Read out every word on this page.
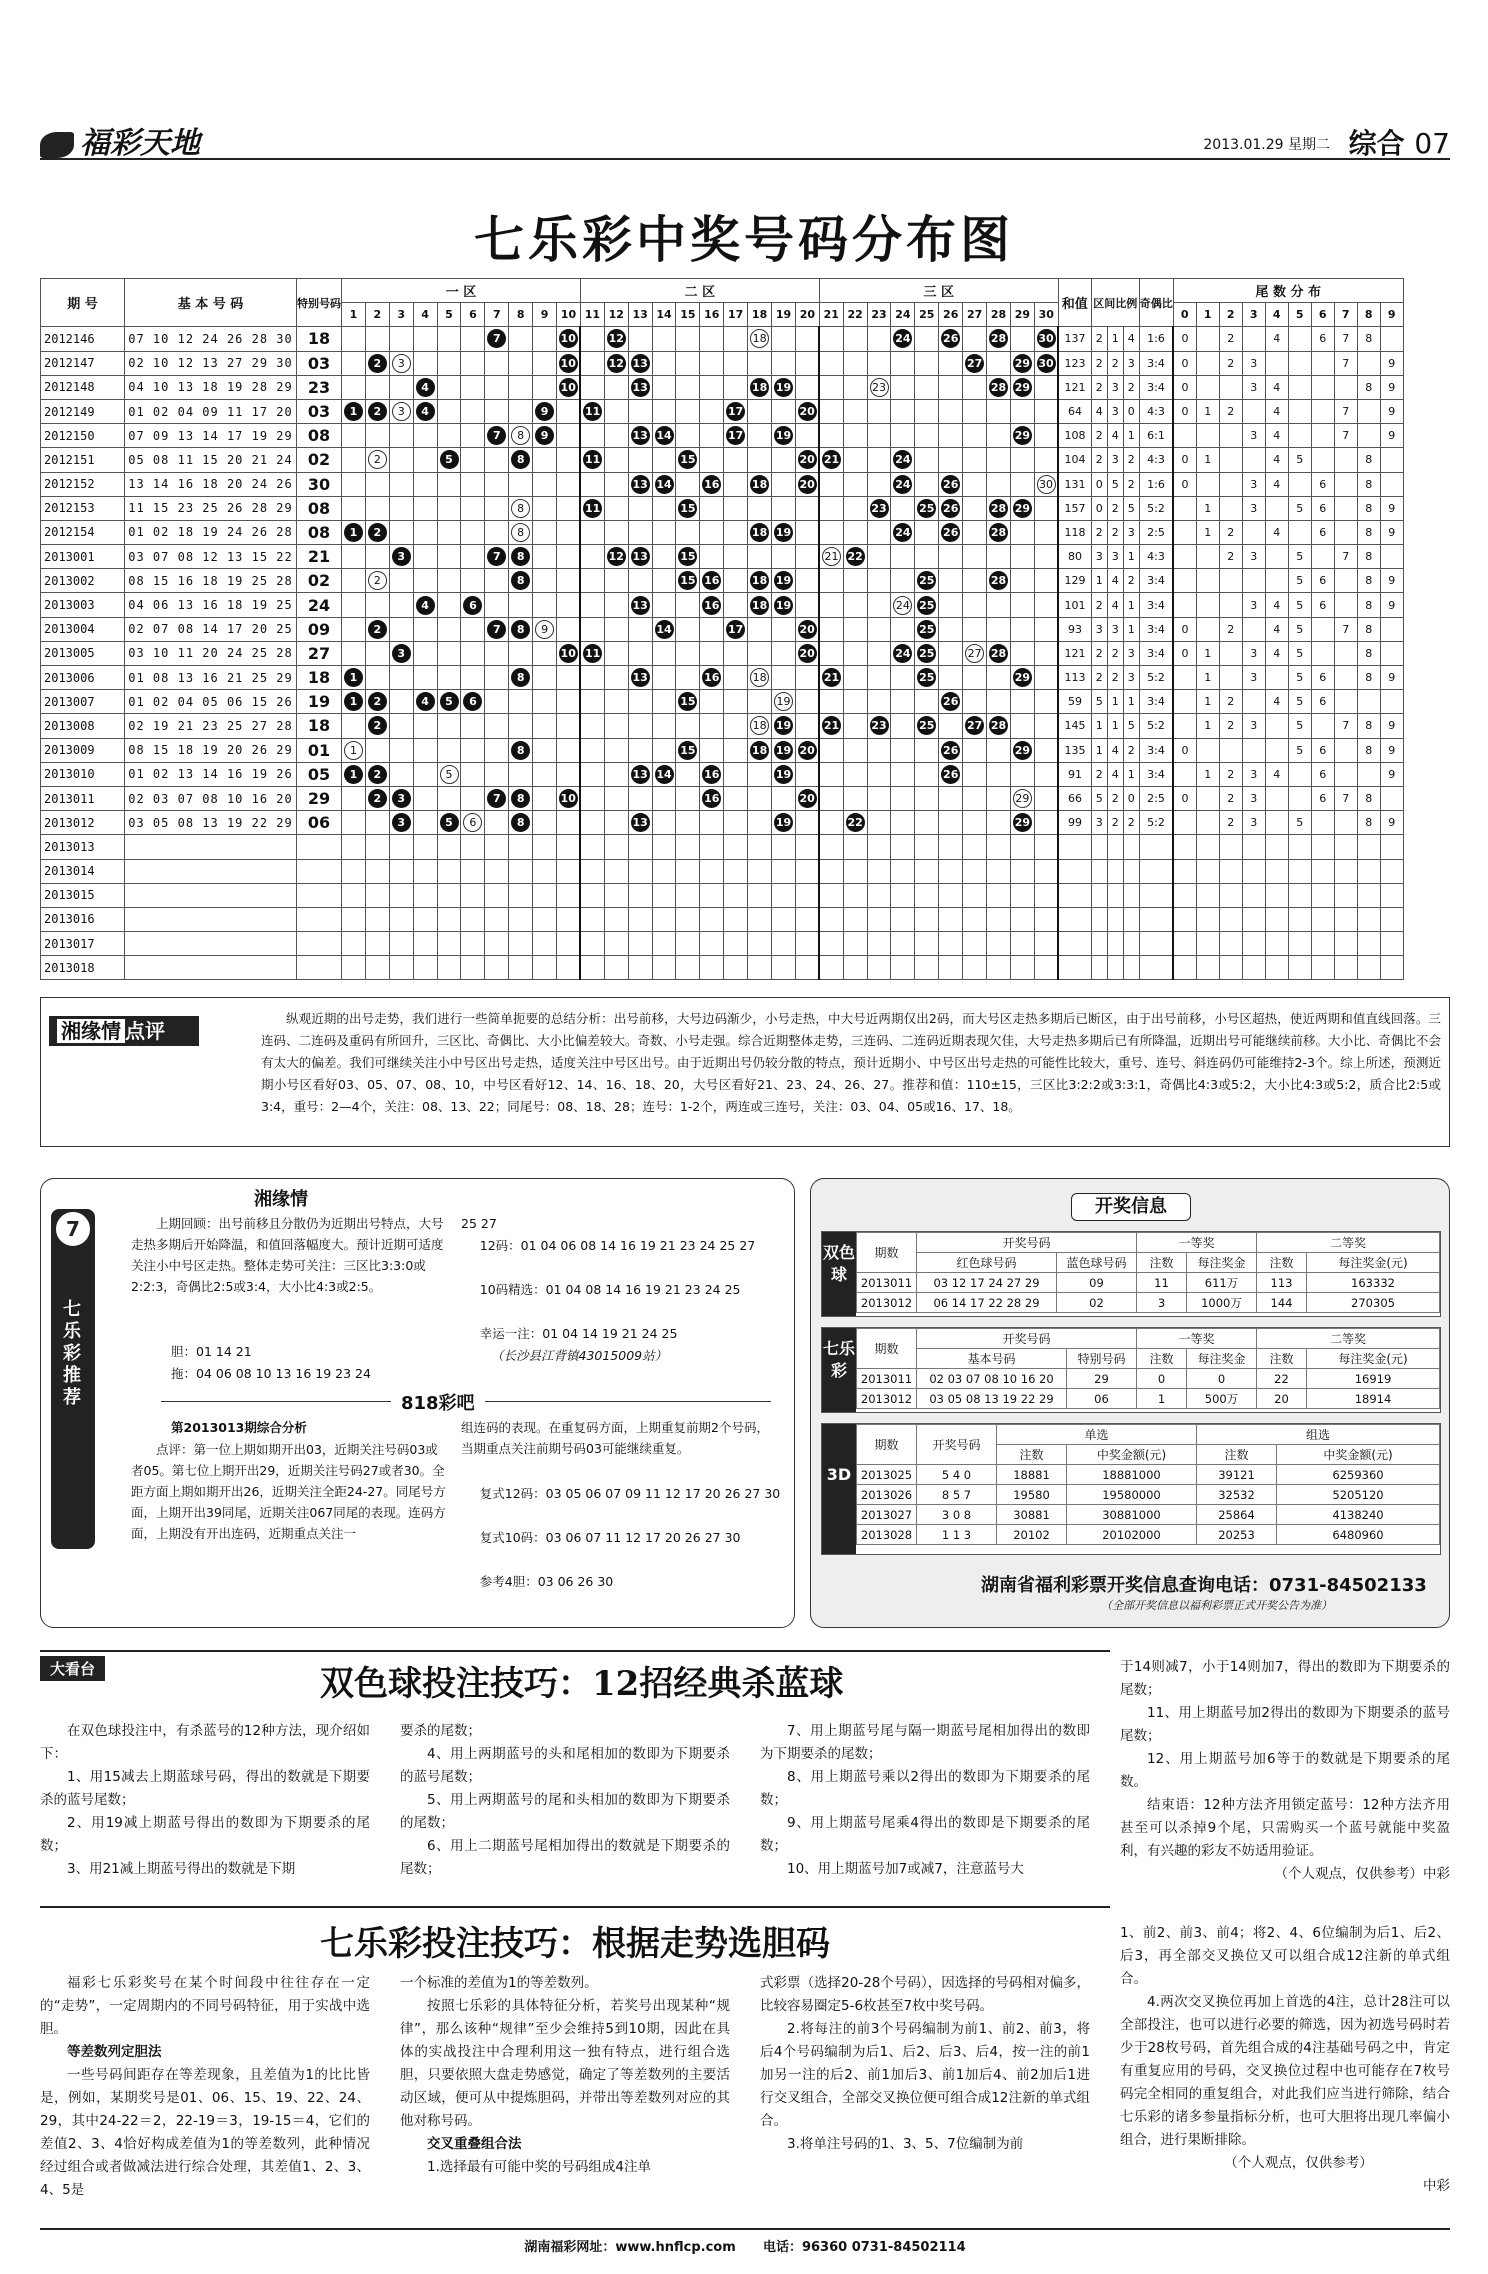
福彩天地	2013.01.29 星期二 综合 07
七乐彩中奖号码分布图
期 号	基 本 号 码	特别号码	一 区										二 区										三 区										和值	区间比例			奇偶比	尾 数 分 布									
			1	2	3	4	5	6	7	8	9	10	11	12	13	14	15	16	17	18	19	20	21	22	23	24	25	26	27	28	29	30						0	1	2	3	4	5	6	7	8	9
2012146	07 10 12 24 26 28 30	18							7			10		12						18						24		26		28		30	137	2	1	4	1:6	0		2		4		6	7	8	
2012147	02 10 12 13 27 29 30	03		2	3							10		12	13														27		29	30	123	2	2	3	3:4	0		2	3				7		9
2012148	04 10 13 18 19 28 29	23				4						10			13					18	19				23					28	29		121	2	3	2	3:4	0			3	4				8	9
2012149	01 02 04 09 11 17 20	03	1	2	3	4					9		11						17			20											64	4	3	0	4:3	0	1	2		4			7		9
2012150	07 09 13 14 17 19 29	08							7	8	9				13	14			17		19										29		108	2	4	1	6:1				3	4			7		9
2012151	05 08 11 15 20 21 24	02		2			5			8			11				15					20	21			24							104	2	3	2	4:3	0	1			4	5			8	
2012152	13 14 16 18 20 24 26	30													13	14		16		18		20				24		26				30	131	0	5	2	1:6	0			3	4		6		8	
2012153	11 15 23 25 26 28 29	08								8			11				15								23		25	26		28	29		157	0	2	5	5:2		1		3		5	6		8	9
2012154	01 02 18 19 24 26 28	08	1	2						8										18	19					24		26		28			118	2	2	3	2:5		1	2		4		6		8	9
2013001	03 07 08 12 13 15 22	21			3				7	8				12	13		15						21	22									80	3	3	1	4:3			2	3		5		7	8	
2013002	08 15 16 18 19 25 28	02		2						8							15	16		18	19						25			28			129	1	4	2	3:4						5	6		8	9
2013003	04 06 13 16 18 19 25	24				4		6							13			16		18	19					24	25						101	2	4	1	3:4				3	4	5	6		8	9
2013004	02 07 08 14 17 20 25	09		2					7	8	9					14			17			20					25						93	3	3	1	3:4	0		2		4	5		7	8	
2013005	03 10 11 20 24 25 28	27			3							10	11									20				24	25		27	28			121	2	2	3	3:4	0	1		3	4	5			8	
2013006	01 08 13 16 21 25 29	18	1							8					13			16		18			21				25				29		113	2	2	3	5:2		1		3		5	6		8	9
2013007	01 02 04 05 06 15 26	19	1	2		4	5	6									15				19							26					59	5	1	1	3:4		1	2		4	5	6			
2013008	02 19 21 23 25 27 28	18		2																18	19		21		23		25		27	28			145	1	1	5	5:2		1	2	3		5		7	8	9
2013009	08 15 18 19 20 26 29	01	1							8							15			18	19	20						26			29		135	1	4	2	3:4	0					5	6		8	9
2013010	01 02 13 14 16 19 26	05	1	2			5								13	14		16			19							26					91	2	4	1	3:4		1	2	3	4		6			9
2013011	02 03 07 08 10 16 20	29		2	3				7	8		10						16				20									29		66	5	2	0	2:5	0		2	3			6	7	8	
2013012	03 05 08 13 19 22 29	06			3		5	6		8					13						19			22							29		99	3	2	2	5:2			2	3		5			8	9
2013013																																															
2013014																																															
2013015																																															
2013016																																															
2013017																																															
2013018																																															
湘缘情 点评
纵观近期的出号走势，我们进行一些简单扼要的总结分析：出号前移，大号边码渐少，小号走热，中大号近两期仅出2码，而大号区走热多期后已断区，由于出号前移，小号区超热，使近两期和值直线回落。三连码、二连码及重码有所回升，三区比、奇偶比、大小比偏差较大。奇数、小号走强。综合近期整体走势，三连码、二连码近期表现欠佳，大号走热多期后已有所降温，近期出号可能继续前移。大小比、奇偶比不会有太大的偏差。我们可继续关注小中号区出号走热，适度关注中号区出号。由于近期出号仍较分散的特点，预计近期小、中号区出号走热的可能性比较大，重号、连号、斜连码仍可能维持2-3个。综上所述，预测近期小号区看好03、05、07、08、10，中号区看好12、14、16、18、20，大号区看好21、23、24、26、27。推荐和值：110±15，三区比3:2:2或3:3:1，奇偶比4:3或5:2，大小比4:3或5:2，质合比2:5或3:4，重号：2—4个，关注：08、13、22；同尾号：08、18、28；连号：1-2个，两连或三连号，关注：03、04、05或16、17、18。
7
七乐彩推荐
湘缘情
上期回顾：出号前移且分散仍为近期出号特点，大号走热多期后开始降温，和值回落幅度大。预计近期可适度关注小中号区走热。整体走势可关注：三区比3:3:0或2:2:3，奇偶比2:5或3:4，大小比4:3或2:5。
胆：01 14 21
拖：04 06 08 10 13 16 19 23 24
25 27
12码：01 04 06 08 14 16 19 21 23 24 25 27
10码精选：01 04 08 14 16 19 21 23 24 25
幸运一注：01 04 14 19 21 24 25
（长沙县江背镇43015009站）
818彩吧
第2013013期综合分析
点评：第一位上期如期开出03，近期关注号码03或者05。第七位上期开出29，近期关注号码27或者30。全距方面上期如期开出26，近期关注全距24-27。同尾号方面，上期开出39同尾，近期关注067同尾的表现。连码方面，上期没有开出连码，近期重点关注一
组连码的表现。在重复码方面，上期重复前期2个号码，当期重点关注前期号码03可能继续重复。
复式12码：03 05 06 07 09 11 12 17 20 26 27 30
复式10码：03 06 07 11 12 17 20 26 27 30
参考4胆：03 06 26 30
开奖信息
双色球
期数	开奖号码		一等奖		二等奖	
	红色球号码	蓝色球号码	注数	每注奖金	注数	每注奖金(元)
2013011	03 12 17 24 27 29	09	11	611万	113	163332
2013012	06 14 17 22 28 29	02	3	1000万	144	270305
七乐彩
期数	开奖号码		一等奖		二等奖	
	基本号码	特别号码	注数	每注奖金	注数	每注奖金(元)
2013011	02 03 07 08 10 16 20	29	0	0	22	16919
2013012	03 05 08 13 19 22 29	06	1	500万	20	18914
3D
期数	开奖号码	单选		组选	
		注数	中奖金额(元)	注数	中奖金额(元)
2013025	5 4 0	18881	18881000	39121	6259360
2013026	8 5 7	19580	19580000	32532	5205120
2013027	3 0 8	30881	30881000	25864	4138240
2013028	1 1 3	20102	20102000	20253	6480960
湖南省福利彩票开奖信息查询电话：0731-84502133
（全部开奖信息以福利彩票正式开奖公告为准）
大看台	双色球投注技巧：12招经典杀蓝球

在双色球投注中，有杀蓝号的12种方法，现介绍如下：

1、用15减去上期蓝球号码，得出的数就是下期要杀的蓝号尾数；

2、用19减上期蓝号得出的数即为下期要杀的尾数；

3、用21减上期蓝号得出的数就是下期

要杀的尾数；

4、用上两期蓝号的头和尾相加的数即为下期要杀的蓝号尾数；

5、用上两期蓝号的尾和头相加的数即为下期要杀的尾数；

6、用上二期蓝号尾相加得出的数就是下期要杀的尾数；

7、用上期蓝号尾与隔一期蓝号尾相加得出的数即为下期要杀的尾数；

8、用上期蓝号乘以2得出的数即为下期要杀的尾数；

9、用上期蓝号尾乘4得出的数即是下期要杀的尾数；

10、用上期蓝号加7或减7，注意蓝号大

于14则减7，小于14则加7，得出的数即为下期要杀的尾数；

11、用上期蓝号加2得出的数即为下期要杀的蓝号尾数；

12、用上期蓝号加6等于的数就是下期要杀的尾数。

结束语：12种方法齐用锁定蓝号：12种方法齐用甚至可以杀掉9个尾，只需购买一个蓝号就能中奖盈利，有兴趣的彩友不妨适用验证。

（个人观点，仅供参考）中彩

七乐彩投注技巧：根据走势选胆码

福彩七乐彩奖号在某个时间段中往往存在一定的“走势”，一定周期内的不同号码特征，用于实战中选胆。

等差数列定胆法

一些号码间距存在等差现象，且差值为1的比比皆是，例如，某期奖号是01、06、15、19、22、24、29，其中24-22＝2，22-19＝3，19-15＝4，它们的差值2、3、4恰好构成差值为1的等差数列，此种情况经过组合或者做减法进行综合处理，其差值1、2、3、4、5是

一个标准的差值为1的等差数列。

按照七乐彩的具体特征分析，若奖号出现某种“规律”，那么该种“规律”至少会维持5到10期，因此在具体的实战投注中合理利用这一独有特点，进行组合选胆，只要依照大盘走势感觉，确定了等差数列的主要活动区域，便可从中提炼胆码，并带出等差数列对应的其他对称号码。

交叉重叠组合法

1.选择最有可能中奖的号码组成4注单

式彩票（选择20-28个号码），因选择的号码相对偏多，比较容易圈定5-6枚甚至7枚中奖号码。

2.将每注的前3个号码编制为前1、前2、前3，将后4个号码编制为后1、后2、后3、后4，按一注的前1加另一注的后2、前1加后3、前1加后4、前2加后1进行交叉组合，全部交叉换位便可组合成12注新的单式组合。

3.将单注号码的1、3、5、7位编制为前

1、前2、前3、前4；将2、4、6位编制为后1、后2、后3，再全部交叉换位又可以组合成12注新的单式组合。

4.两次交叉换位再加上首选的4注，总计28注可以全部投注，也可以进行必要的筛选，因为初选号码时若少于28枚号码，首先组合成的4注基础号码之中，肯定有重复应用的号码，交叉换位过程中也可能存在7枚号码完全相同的重复组合，对此我们应当进行筛除，结合七乐彩的诸多参量指标分析，也可大胆将出现几率偏小组合，进行果断排除。

（个人观点，仅供参考）

中彩

湖南福彩网址：www.hnflcp.com 电话：96360 0731-84502114
